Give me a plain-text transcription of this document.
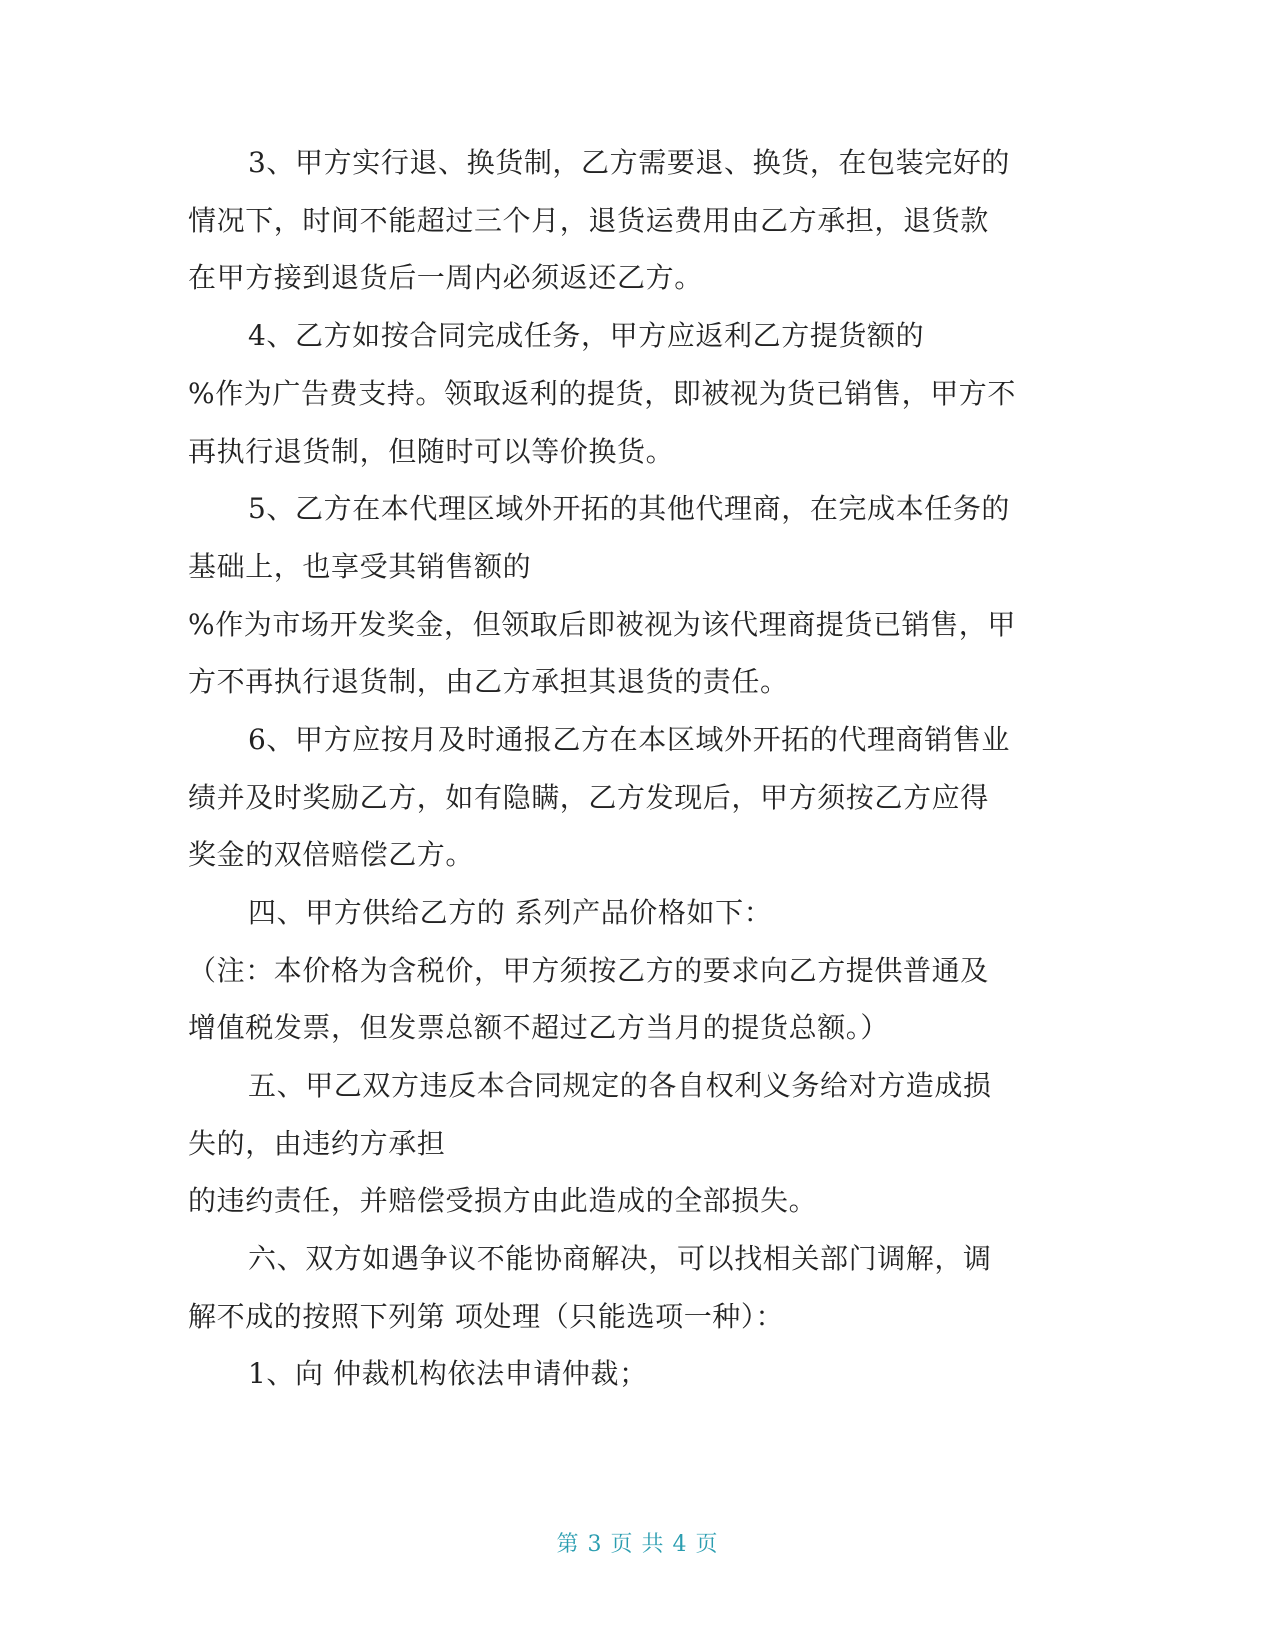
3、甲方实行退、换货制，乙方需要退、换货，在包装完好的

情况下，时间不能超过三个月，退货运费用由乙方承担，退货款

在甲方接到退货后一周内必须返还乙方。

4、乙方如按合同完成任务，甲方应返利乙方提货额的

%作为广告费支持。领取返利的提货，即被视为货已销售，甲方不

再执行退货制，但随时可以等价换货。

5、乙方在本代理区域外开拓的其他代理商，在完成本任务的

基础上，也享受其销售额的

%作为市场开发奖金，但领取后即被视为该代理商提货已销售，甲

方不再执行退货制，由乙方承担其退货的责任。

6、甲方应按月及时通报乙方在本区域外开拓的代理商销售业

绩并及时奖励乙方，如有隐瞒，乙方发现后，甲方须按乙方应得

奖金的双倍赔偿乙方。

四、甲方供给乙方的 系列产品价格如下：

（注：本价格为含税价，甲方须按乙方的要求向乙方提供普通及

增值税发票，但发票总额不超过乙方当月的提货总额。）

五、甲乙双方违反本合同规定的各自权利义务给对方造成损

失的，由违约方承担

的违约责任，并赔偿受损方由此造成的全部损失。

六、双方如遇争议不能协商解决，可以找相关部门调解，调

解不成的按照下列第 项处理（只能选项一种）：

1、向 仲裁机构依法申请仲裁；

第 3 页 共 4 页
